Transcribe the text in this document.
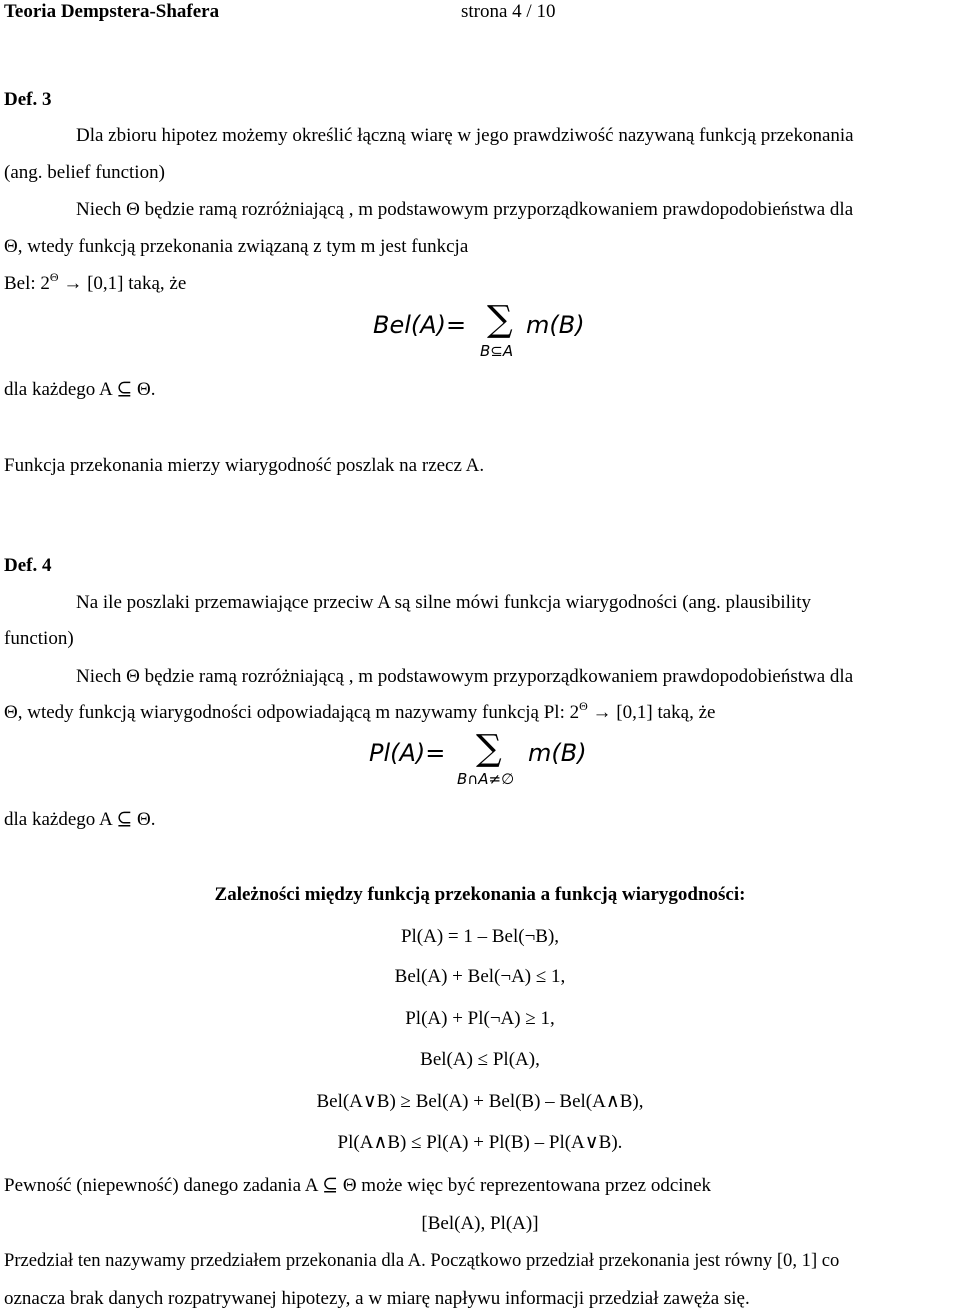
Teoria Dempstera-Shafera	strona 4 / 10
Def. 3
Dla zbioru hipotez możemy określić łączną wiarę w jego prawdziwość nazywaną funkcją przekonania
(ang. belief function)
Niech Θ będzie ramą rozróżniającą , m podstawowym przyporządkowaniem prawdopodobieństwa dla
Θ, wtedy funkcją przekonania związaną z tym m jest funkcja
Bel: $2^\Theta \to [0,1]$ taką, że
Bel(A)= ∑
B⊆A
m(B)
dla każdego A ⊆ Θ.
Funkcja przekonania mierzy wiarygodność poszlak na rzecz A.
Def. 4
Na ile poszlaki przemawiające przeciw A są silne mówi funkcja wiarygodności (ang. plausibility
function)
Niech Θ będzie ramą rozróżniającą , m podstawowym przyporządkowaniem prawdopodobieństwa dla
Θ, wtedy funkcją wiarygodności odpowiadającą m nazywamy funkcją Pl: $2^\Theta \to [0,1]$ taką, że
Pl(A)= ∑
B∩A≠∅
m(B)
dla każdego A ⊆ Θ.
Zależności między funkcją przekonania a funkcją wiarygodności:
Pl(A) = 1 – Bel(¬B),
Bel(A) + Bel(¬A) ≤ 1,
Pl(A) + Pl(¬A) ≥ 1,
Bel(A) ≤ Pl(A),
Bel(A∨B) ≥ Bel(A) + Bel(B) – Bel(A∧B),
Pl(A∧B) ≤ Pl(A) + Pl(B) – Pl(A∨B).
Pewność (niepewność) danego zadania A ⊆ Θ może więc być reprezentowana przez odcinek
[Bel(A), Pl(A)]
Przedział ten nazywamy przedziałem przekonania dla A. Początkowo przedział przekonania jest równy [0, 1] co
oznacza brak danych rozpatrywanej hipotezy, a w miarę napływu informacji przedział zawęża się.
